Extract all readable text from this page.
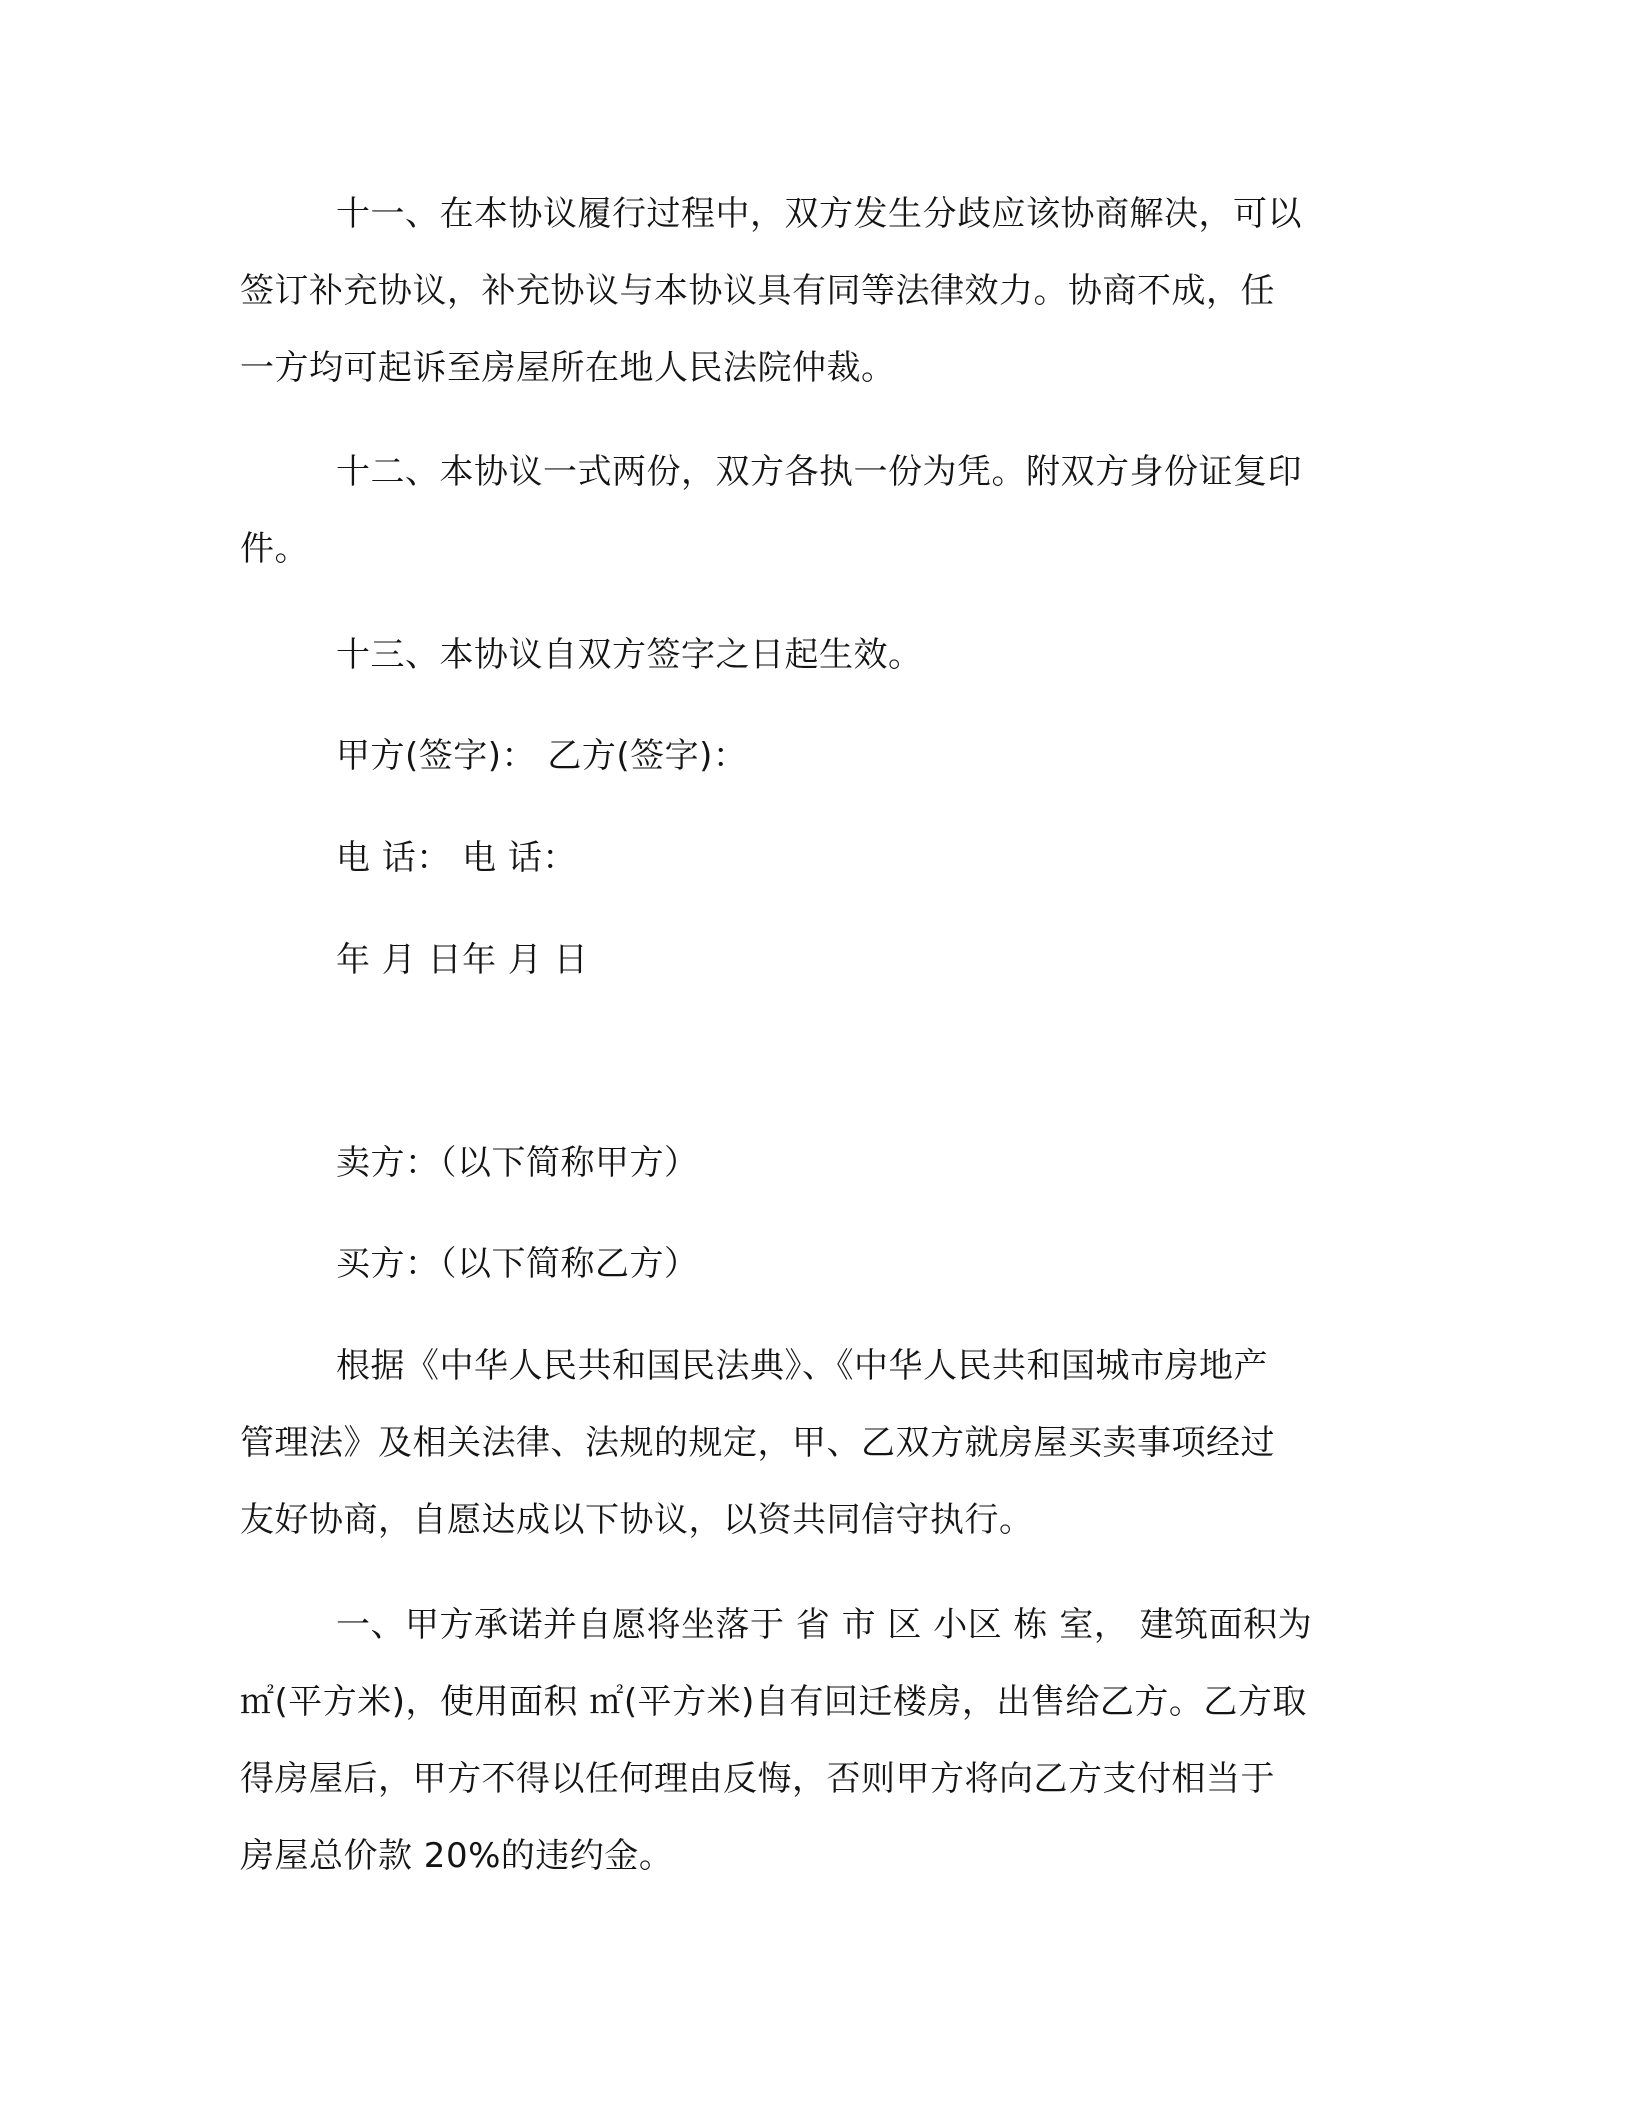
十一、在本协议履行过程中，双方发生分歧应该协商解决，可以
签订补充协议，补充协议与本协议具有同等法律效力。协商不成，任
一方均可起诉至房屋所在地人民法院仲裁。
十二、本协议一式两份，双方各执一份为凭。附双方身份证复印
件。
十三、本协议自双方签字之日起生效。
甲方(签字)： 乙方(签字)：
电 话： 电 话：
年 月 日年 月 日
卖方：（以下简称甲方）
买方：（以下简称乙方）
根据《中华人民共和国民法典》、《中华人民共和国城市房地产
管理法》及相关法律、法规的规定，甲、乙双方就房屋买卖事项经过
友好协商，自愿达成以下协议，以资共同信守执行。
一、甲方承诺并自愿将坐落于 省 市 区 小区 栋 室， 建筑面积为
㎡(平方米)，使用面积 ㎡(平方米)自有回迁楼房，出售给乙方。乙方取
得房屋后，甲方不得以任何理由反悔，否则甲方将向乙方支付相当于
房屋总价款 20%的违约金。
